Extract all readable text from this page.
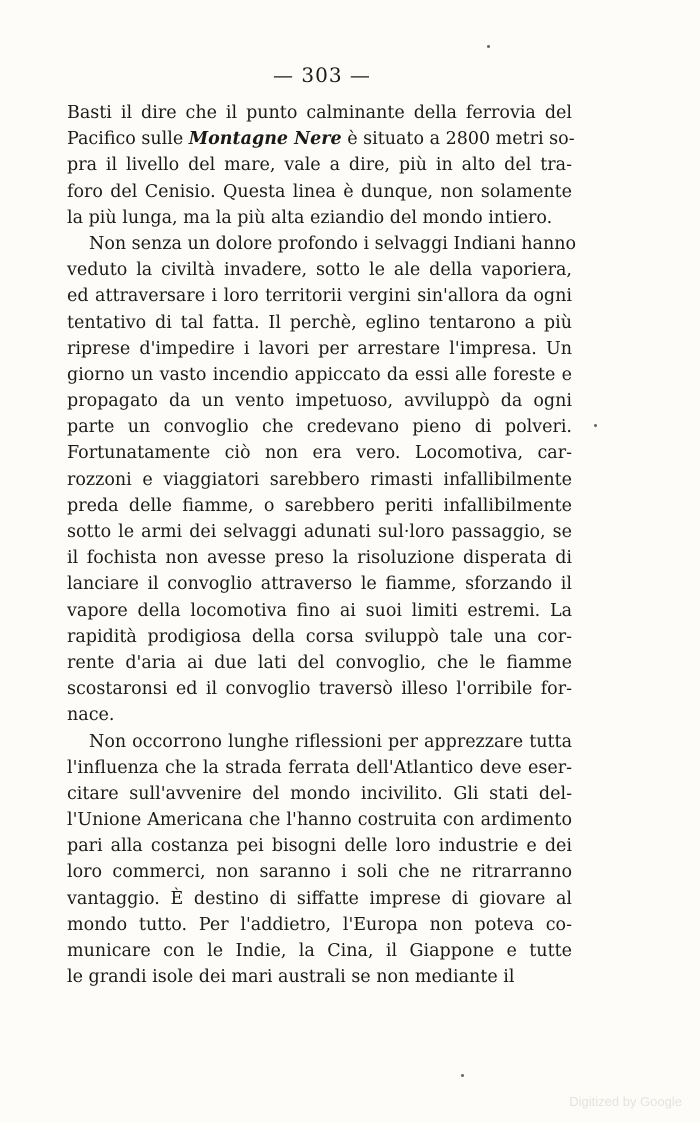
— 303 —
Basti il dire che il punto calminante della ferrovia del
Pacifico sulle Montagne Nere è situato a 2800 metri so-
pra il livello del mare, vale a dire, più in alto del tra-
foro del Cenisio. Questa linea è dunque, non solamente
la più lunga, ma la più alta eziandio del mondo intiero.
Non senza un dolore profondo i selvaggi Indiani hanno
veduto la civiltà invadere, sotto le ale della vaporiera,
ed attraversare i loro territorii vergini sin'allora da ogni
tentativo di tal fatta. Il perchè, eglino tentarono a più
riprese d'impedire i lavori per arrestare l'impresa. Un
giorno un vasto incendio appiccato da essi alle foreste e
propagato da un vento impetuoso, avviluppò da ogni
parte un convoglio che credevano pieno di polveri.
Fortunatamente ciò non era vero. Locomotiva, car-
rozzoni e viaggiatori sarebbero rimasti infallibilmente
preda delle fiamme, o sarebbero periti infallibilmente
sotto le armi dei selvaggi adunati sul·loro passaggio, se
il fochista non avesse preso la risoluzione disperata di
lanciare il convoglio attraverso le fiamme, sforzando il
vapore della locomotiva fino ai suoi limiti estremi. La
rapidità prodigiosa della corsa sviluppò tale una cor-
rente d'aria ai due lati del convoglio, che le fiamme
scostaronsi ed il convoglio traversò illeso l'orribile for-
nace.
Non occorrono lunghe riflessioni per apprezzare tutta
l'influenza che la strada ferrata dell'Atlantico deve eser-
citare sull'avvenire del mondo incivilito. Gli stati del-
l'Unione Americana che l'hanno costruita con ardimento
pari alla costanza pei bisogni delle loro industrie e dei
loro commerci, non saranno i soli che ne ritrarranno
vantaggio. È destino di siffatte imprese di giovare al
mondo tutto. Per l'addietro, l'Europa non poteva co-
municare con le Indie, la Cina, il Giappone e tutte
le grandi isole dei mari australi se non mediante il
Digitized by Google
